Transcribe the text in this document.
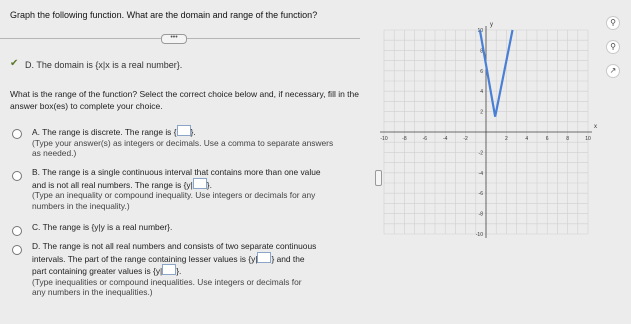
Graph the following function. What are the domain and range of the function?
•••
✔ D. The domain is {x|x is a real number}.
What is the range of the function? Select the correct choice below and, if necessary, fill in the answer box(es) to complete your choice.
A. The range is discrete. The range is { }.
(Type your answer(s) as integers or decimals. Use a comma to separate answers as needed.)
B. The range is a single continuous interval that contains more than one value
and is not all real numbers. The range is {y| }.
(Type an inequality or compound inequality. Use integers or decimals for any
numbers in the inequality.)
C. The range is {y|y is a real number}.
D. The range is not all real numbers and consists of two separate continuous
intervals. The part of the range containing lesser values is {y| } and the
part containing greater values is {y| }.
(Type inequalities or compound inequalities. Use integers or decimals for
any numbers in the inequalities.)
x
y
-10	-8	-6	-4	-2	2	4	6	8	10
10
8
6
4
2
-2
-4
-6
-8
-10
⚲
⚲
↗
